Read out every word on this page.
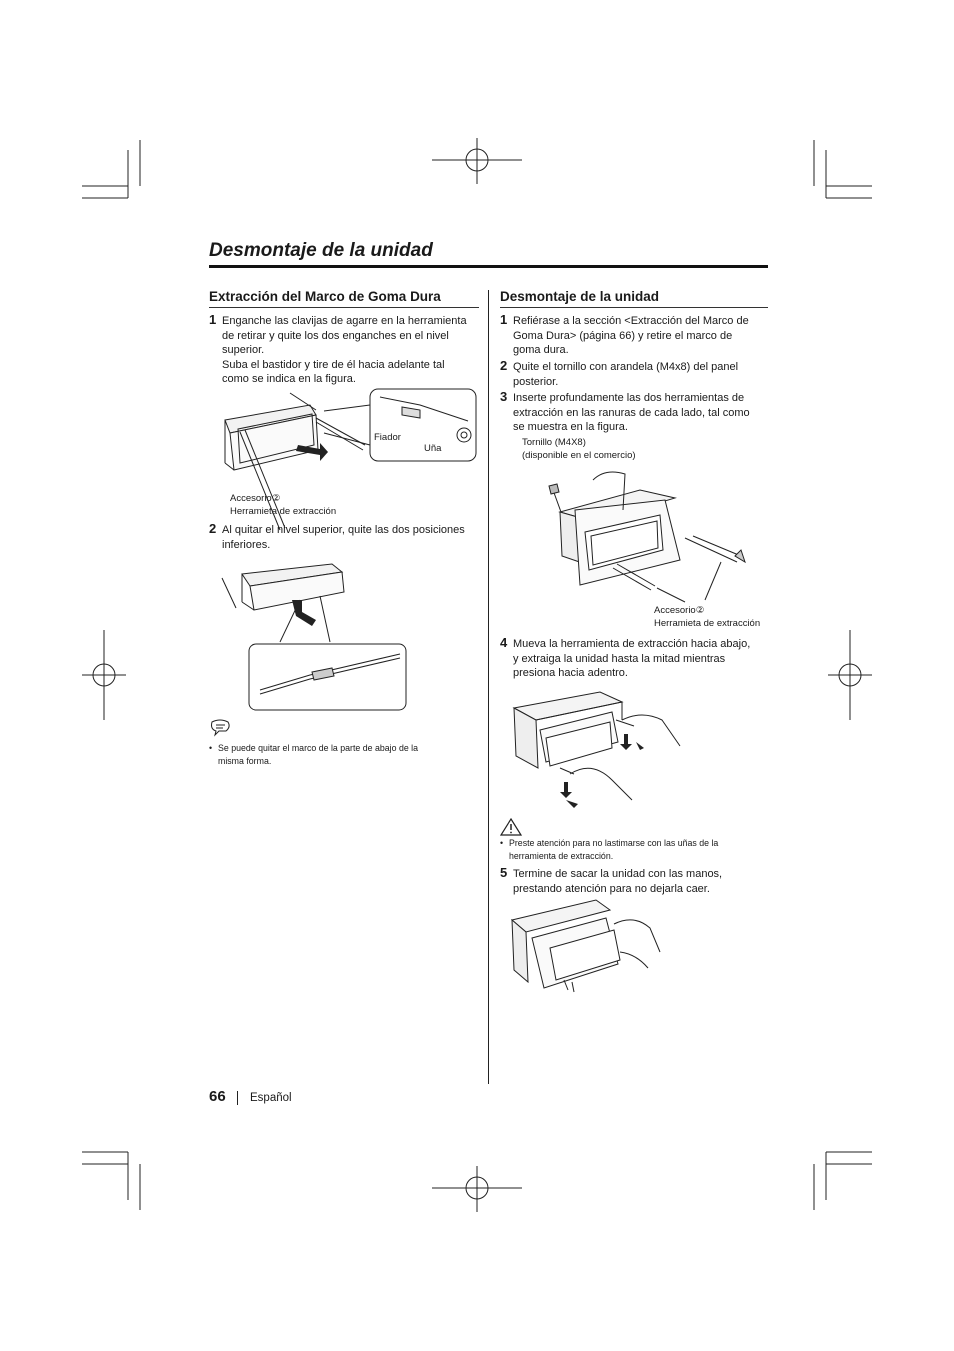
Desmontaje de la unidad
Extracción del Marco de Goma Dura
1 Enganche las clavijas de agarre en la herramienta
de retirar y quite los dos enganches en el nivel
superior.
Suba el bastidor y tire de él hacia adelante tal
como se indica en la figura.
Fiador
Uña
Accesorio②
Herramieta de extracción
2 Al quitar el nivel superior, quite las dos posiciones
inferiores.
• Se puede quitar el marco de la parte de abajo de la
misma forma.
Desmontaje de la unidad
1 Refiérase a la sección <Extracción del Marco de
Goma Dura> (página 66) y retire el marco de
goma dura.
2 Quite el tornillo con arandela (M4x8) del panel
posterior.
3 Inserte profundamente las dos herramientas de
extracción en las ranuras de cada lado, tal como
se muestra en la figura.
Tornillo (M4X8)
(disponible en el comercio)
Accesorio②
Herramieta de extracción
4 Mueva la herramienta de extracción hacia abajo,
y extraiga la unidad hasta la mitad mientras
presiona hacia adentro.
• Preste atención para no lastimarse con las uñas de la
herramienta de extracción.
5 Termine de sacar la unidad con las manos,
prestando atención para no dejarla caer.
66 Español
